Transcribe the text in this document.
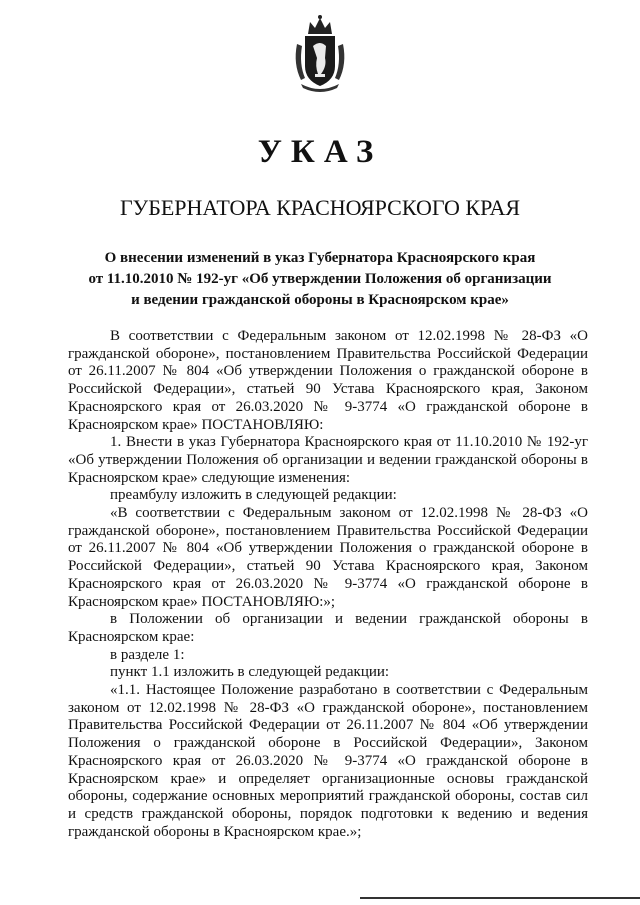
УКАЗ
ГУБЕРНАТОРА КРАСНОЯРСКОГО КРАЯ
О внесении изменений в указ Губернатора Красноярского края
от 11.10.2010 № 192-уг «Об утверждении Положения об организации
и ведении гражданской обороны в Красноярском крае»

В соответствии с Федеральным законом от 12.02.1998 № 28-ФЗ «О гражданской обороне», постановлением Правительства Российской Федерации от 26.11.2007 № 804 «Об утверждении Положения о гражданской обороне в Российской Федерации», статьей 90 Устава Красноярского края, Законом Красноярского края от 26.03.2020 № 9-3774 «О гражданской обороне в Красноярском крае» ПОСТАНОВЛЯЮ:

1. Внести в указ Губернатора Красноярского края от 11.10.2010 № 192-уг «Об утверждении Положения об организации и ведении гражданской обороны в Красноярском крае» следующие изменения:

преамбулу изложить в следующей редакции:

«В соответствии с Федеральным законом от 12.02.1998 № 28-ФЗ «О гражданской обороне», постановлением Правительства Российской Федерации от 26.11.2007 № 804 «Об утверждении Положения о гражданской обороне в Российской Федерации», статьей 90 Устава Красноярского края, Законом Красноярского края от 26.03.2020 № 9-3774 «О гражданской обороне в Красноярском крае» ПОСТАНОВЛЯЮ:»;

в Положении об организации и ведении гражданской обороны в Красноярском крае:

в разделе 1:

пункт 1.1 изложить в следующей редакции:

«1.1. Настоящее Положение разработано в соответствии с Федеральным законом от 12.02.1998 № 28-ФЗ «О гражданской обороне», постановлением Правительства Российской Федерации от 26.11.2007 № 804 «Об утверждении Положения о гражданской обороне в Российской Федерации», Законом Красноярского края от 26.03.2020 № 9-3774 «О гражданской обороне в Красноярском крае» и определяет организационные основы гражданской обороны, содержание основных мероприятий гражданской обороны, состав сил и средств гражданской обороны, порядок подготовки к ведению и ведения гражданской обороны в Красноярском крае.»;
